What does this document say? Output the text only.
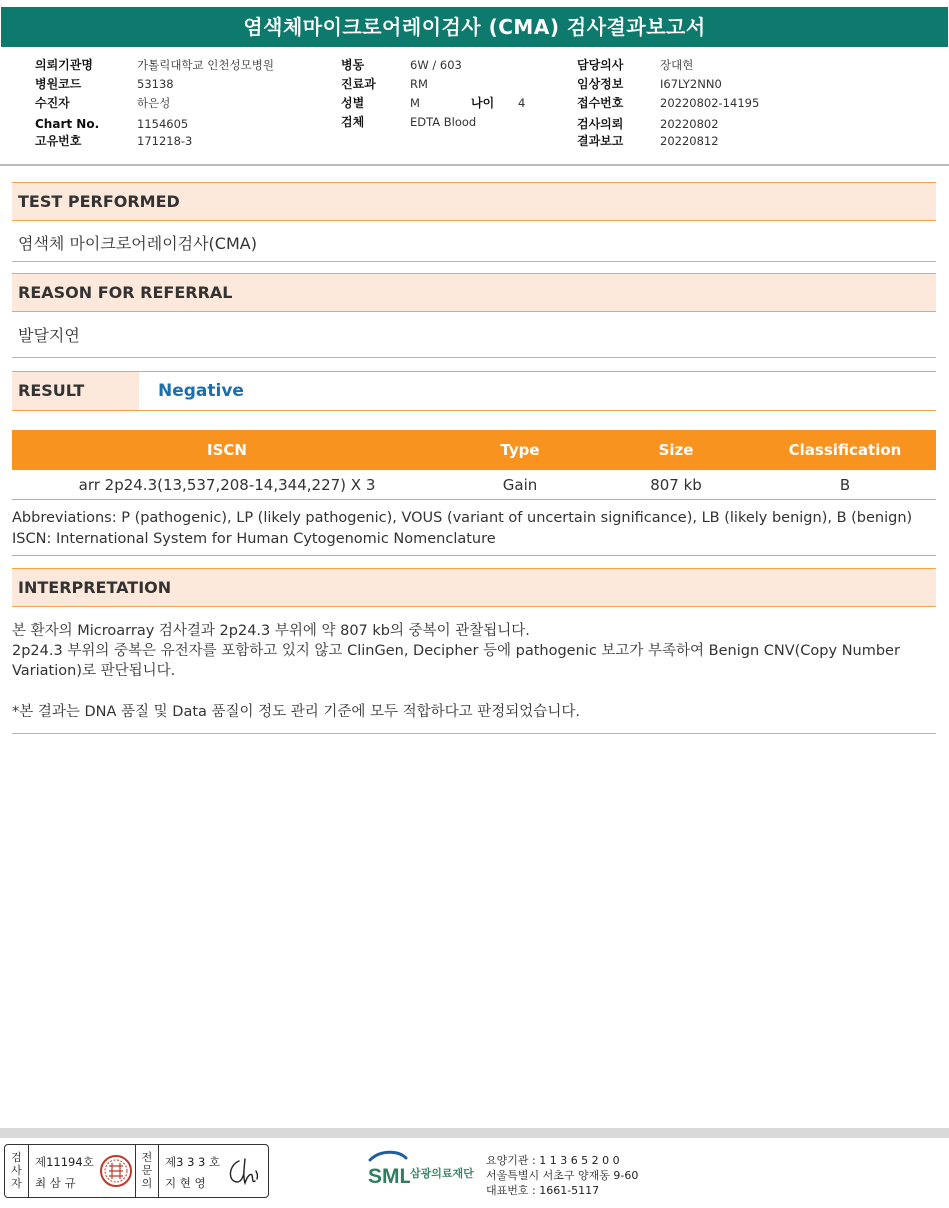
염색체마이크로어레이검사 (CMA) 검사결과보고서
의뢰기관명	가톨릭대학교 인천성모병원
병원코드	53138
수진자	하은성
Chart No.	1154605
고유번호	171218-3
병동	6W / 603
진료과	RM
성별	M	나이 4
검체	EDTA Blood
담당의사	장대현
임상정보	I67LY2NN0
접수번호	20220802-14195
검사의뢰	20220802
결과보고	20220812
TEST PERFORMED
염색체 마이크로어레이검사(CMA)
REASON FOR REFERRAL
발달지연
RESULT	Negative
ISCN	Type	Size	Classification
arr 2p24.3(13,537,208-14,344,227) X 3	Gain	807 kb	B
Abbreviations: P (pathogenic), LP (likely pathogenic), VOUS (variant of uncertain significance), LB (likely benign), B (benign)
ISCN: International System for Human Cytogenomic Nomenclature
INTERPRETATION
본 환자의 Microarray 검사결과 2p24.3 부위에 약 807 kb의 중복이 관찰됩니다.
2p24.3 부위의 중복은 유전자를 포함하고 있지 않고 ClinGen, Decipher 등에 pathogenic 보고가 부족하여 Benign CNV(Copy Number
Variation)로 판단됩니다.
*본 결과는 DNA 품질 및 Data 품질이 정도 관리 기준에 모두 적합하다고 판정되었습니다.
검사자
제11194호
최 삼 규
전문의
제3 3 3 호
지 현 영	SML
삼광의료재단
요양기관 : 1 1 3 6 5 2 0 0
서울특별시 서초구 양재동 9-60
대표번호 : 1661-5117
